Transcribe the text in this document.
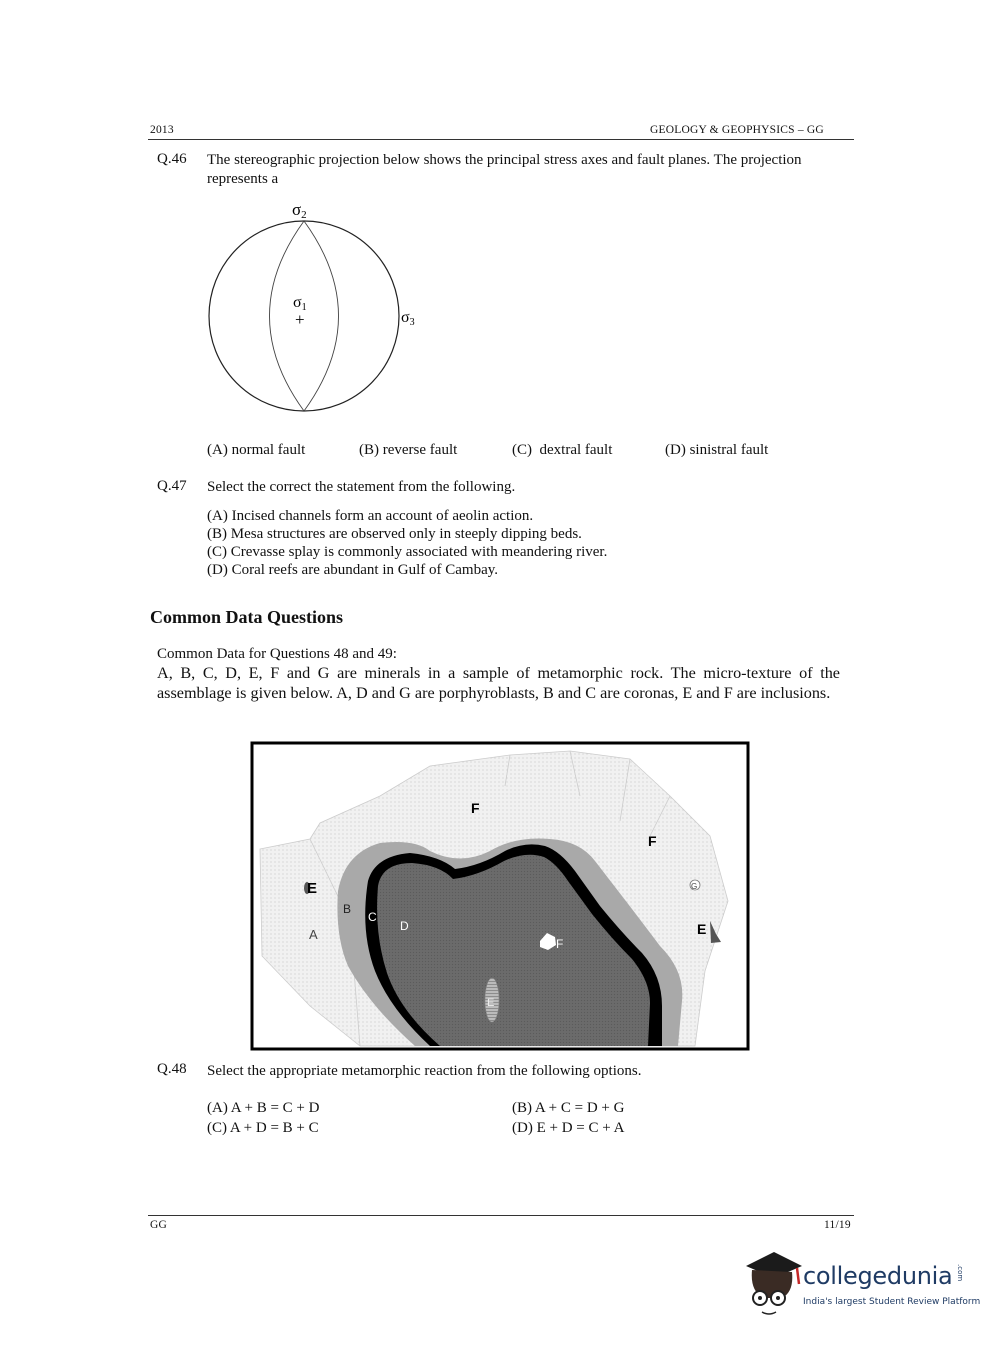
2013	GEOLOGY & GEOPHYSICS – GG
Q.46 The stereographic projection below shows the principal stress axes and fault planes. The projection
represents a
σ2
σ1
+	σ3
(A) normal fault	(B) reverse fault	(C)  dextral fault	(D) sinistral fault
Q.47 Select the correct the statement from the following.
(A) Incised channels form an account of aeolin action.
(B) Mesa structures are observed only in steeply dipping beds.
(C) Crevasse splay is commonly associated with meandering river.
(D) Coral reefs are abundant in Gulf of Cambay.
Common Data Questions
Common Data for Questions 48 and 49:
A, B, C, D, E, F and G are minerals in a sample of metamorphic rock. The micro-texture of the assemblage is given below. A, D and G are porphyroblasts, B and C are coronas, E and F are inclusions.
F
F
E
E
B
C
D
A
E
F
G
Q.48 Select the appropriate metamorphic reaction from the following options.
(A) A + B = C + D	(B) A + C = D + G
(C) A + D = B + C	(D) E + D = C + A
GG	11/19
collegedunia .com
India's largest Student Review Platform
